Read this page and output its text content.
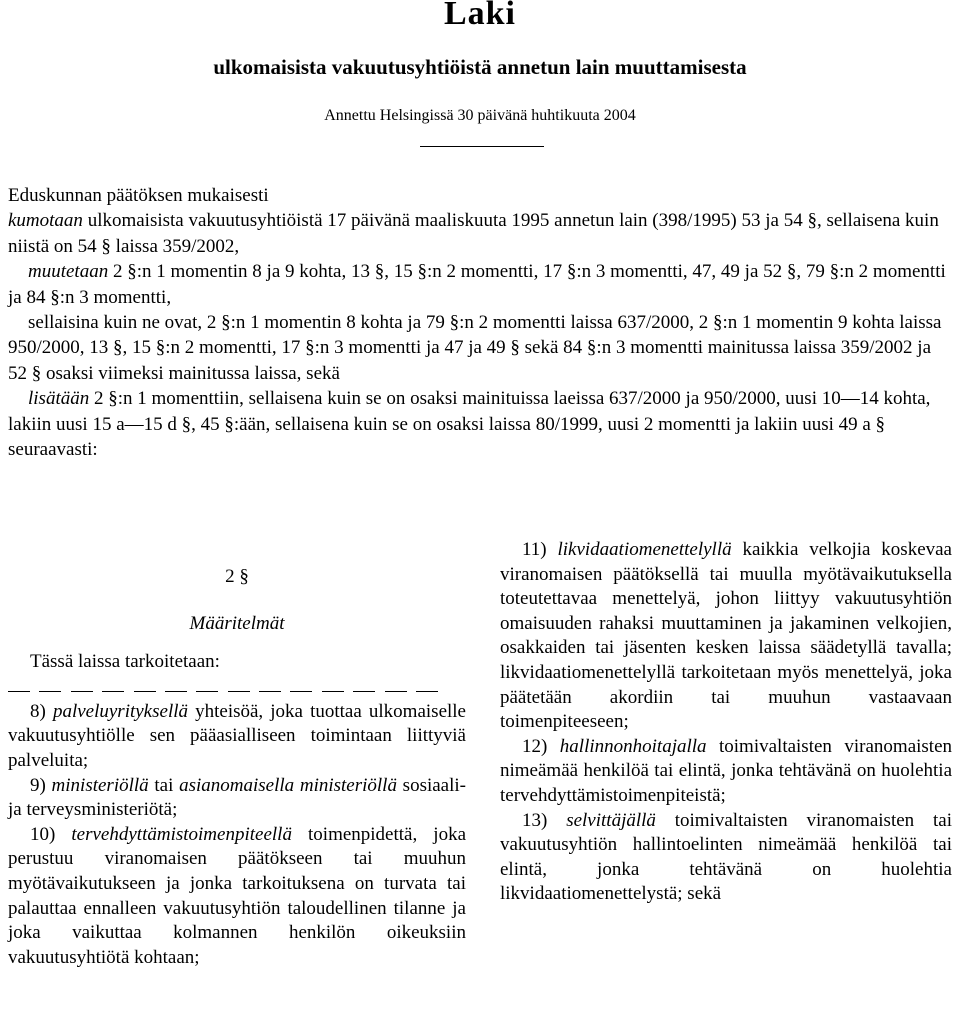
Laki
ulkomaisista vakuutusyhtiöistä annetun lain muuttamisesta
Annettu Helsingissä 30 päivänä huhtikuuta 2004

Eduskunnan päätöksen mukaisesti

kumotaan ulkomaisista vakuutusyhtiöistä 17 päivänä maaliskuuta 1995 annetun lain (398/1995) 53 ja 54 §, sellaisena kuin niistä on 54 § laissa 359/2002,

muutetaan 2 §:n 1 momentin 8 ja 9 kohta, 13 §, 15 §:n 2 momentti, 17 §:n 3 momentti, 47, 49 ja 52 §, 79 §:n 2 momentti ja 84 §:n 3 momentti,

sellaisina kuin ne ovat, 2 §:n 1 momentin 8 kohta ja 79 §:n 2 momentti laissa 637/2000, 2 §:n 1 momentin 9 kohta laissa 950/2000, 13 §, 15 §:n 2 momentti, 17 §:n 3 momentti ja 47 ja 49 § sekä 84 §:n 3 momentti mainitussa laissa 359/2002 ja 52 § osaksi viimeksi mainitussa laissa, sekä

lisätään 2 §:n 1 momenttiin, sellaisena kuin se on osaksi mainituissa laeissa 637/2000 ja 950/2000, uusi 10—14 kohta, lakiin uusi 15 a—15 d §, 45 §:ään, sellaisena kuin se on osaksi laissa 80/1999, uusi 2 momentti ja lakiin uusi 49 a § seuraavasti:

2 §

Määritelmät

Tässä laissa tarkoitetaan:

8) palveluyrityksellä yhteisöä, joka tuottaa ulkomaiselle vakuutusyhtiölle sen pääasialliseen toimintaan liittyviä palveluita;

9) ministeriöllä tai asianomaisella ministeriöllä sosiaali- ja terveysministeriötä;

10) tervehdyttämistoimenpiteellä toimenpidettä, joka perustuu viranomaisen päätökseen tai muuhun myötävaikutukseen ja jonka tarkoituksena on turvata tai palauttaa ennalleen vakuutusyhtiön taloudellinen tilanne ja joka vaikuttaa kolmannen henkilön oikeuksiin vakuutusyhtiötä kohtaan;

11) likvidaatiomenettelyllä kaikkia velkojia koskevaa viranomaisen päätöksellä tai muulla myötävaikutuksella toteutettavaa menettelyä, johon liittyy vakuutusyhtiön omaisuuden rahaksi muuttaminen ja jakaminen velkojien, osakkaiden tai jäsenten kesken laissa säädetyllä tavalla; likvidaatiomenettelyllä tarkoitetaan myös menettelyä, joka päätetään akordiin tai muuhun vastaavaan toimenpiteeseen;

12) hallinnonhoitajalla toimivaltaisten viranomaisten nimeämää henkilöä tai elintä, jonka tehtävänä on huolehtia tervehdyttämistoimenpiteistä;

13) selvittäjällä toimivaltaisten viranomaisten tai vakuutusyhtiön hallintoelinten nimeämää henkilöä tai elintä, jonka tehtävänä on huolehtia likvidaatiomenettelystä; sekä
